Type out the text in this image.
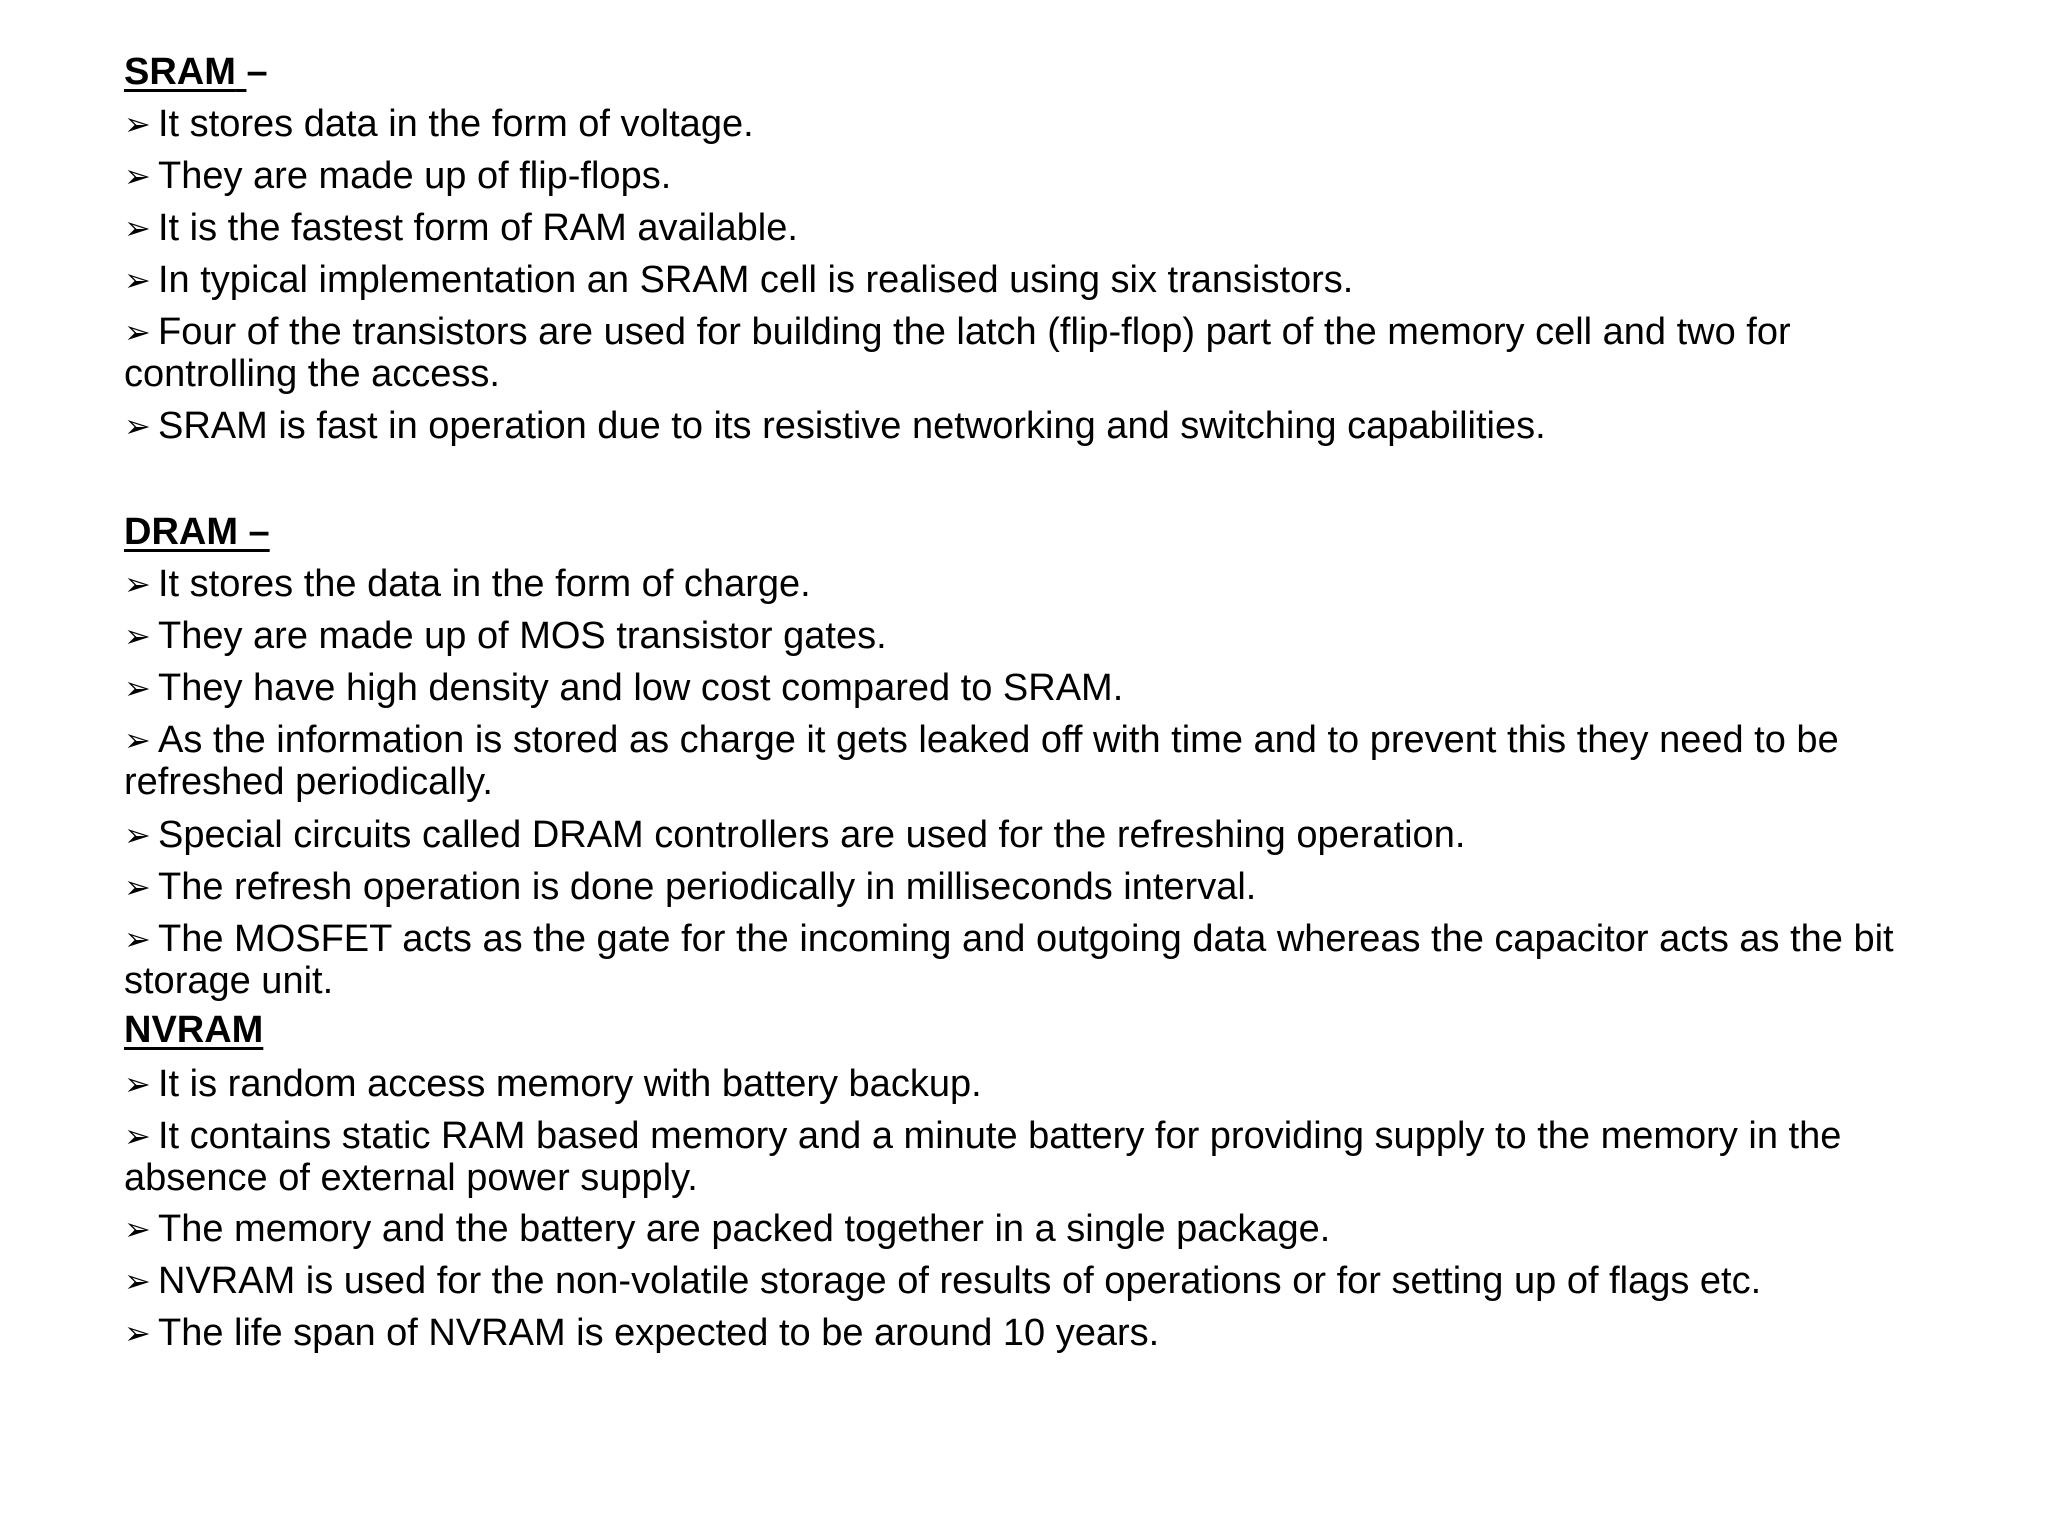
SRAM –
➢ It stores data in the form of voltage.
➢ They are made up of flip-flops.
➢ It is the fastest form of RAM available.
➢ In typical implementation an SRAM cell is realised using six transistors.
➢ Four of the transistors are used for building the latch (flip-flop) part of the memory cell and two for controlling the access.
➢ SRAM is fast in operation due to its resistive networking and switching capabilities.
DRAM –
➢ It stores the data in the form of charge.
➢ They are made up of MOS transistor gates.
➢ They have high density and low cost compared to SRAM.
➢ As the information is stored as charge it gets leaked off with time and to prevent this they need to be refreshed periodically.
➢ Special circuits called DRAM controllers are used for the refreshing operation.
➢ The refresh operation is done periodically in milliseconds interval.
➢ The MOSFET acts as the gate for the incoming and outgoing data whereas the capacitor acts as the bit storage unit.
NVRAM
➢ It is random access memory with battery backup.
➢ It contains static RAM based memory and a minute battery for providing supply to the memory in the absence of external power supply.
➢ The memory and the battery are packed together in a single package.
➢ NVRAM is used for the non-volatile storage of results of operations or for setting up of flags etc.
➢ The life span of NVRAM is expected to be around 10 years.
